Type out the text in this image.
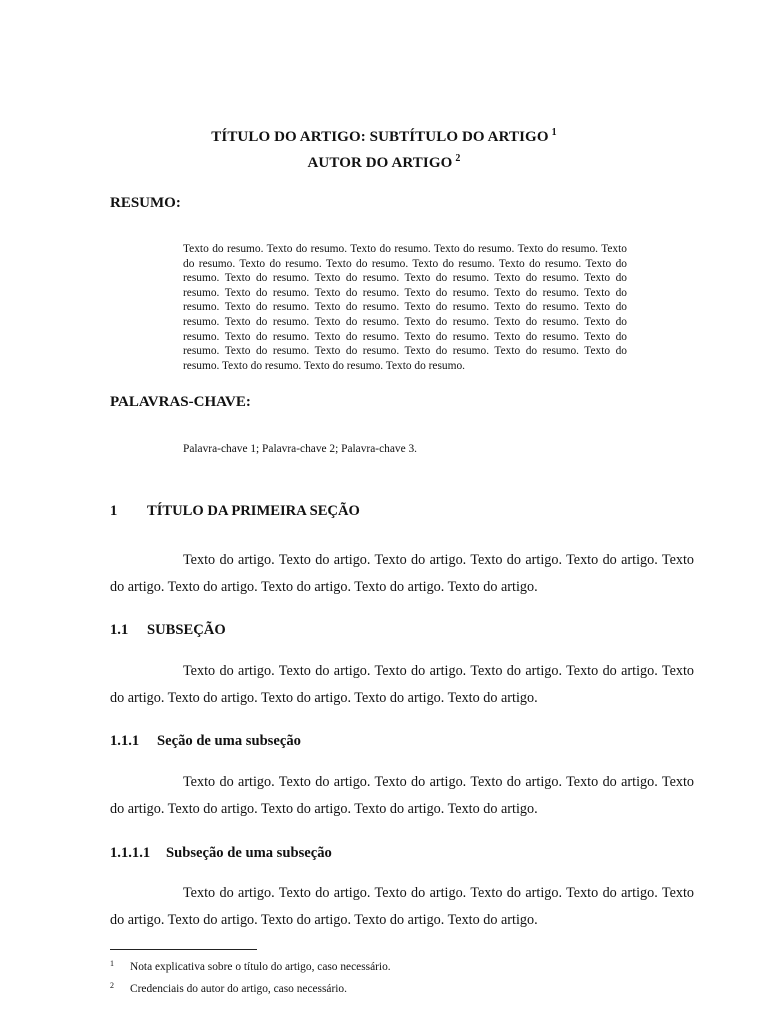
TÍTULO DO ARTIGO: SUBTÍTULO DO ARTIGO $^1$
AUTOR DO ARTIGO $^2$
RESUMO:
Texto do resumo. Texto do resumo. Texto do resumo. Texto do resumo. Texto do resumo. Texto do resumo. Texto do resumo. Texto do resumo. Texto do resumo. Texto do resumo. Texto do resumo. Texto do resumo. Texto do resumo. Texto do resumo. Texto do resumo. Texto do resumo. Texto do resumo. Texto do resumo. Texto do resumo. Texto do resumo. Texto do resumo. Texto do resumo. Texto do resumo. Texto do resumo. Texto do resumo. Texto do resumo. Texto do resumo. Texto do resumo. Texto do resumo. Texto do resumo. Texto do resumo. Texto do resumo. Texto do resumo. Texto do resumo. Texto do resumo. Texto do resumo. Texto do resumo. Texto do resumo. Texto do resumo. Texto do resumo. Texto do resumo. Texto do resumo. Texto do resumo. Texto do resumo.
PALAVRAS-CHAVE:
Palavra-chave 1; Palavra-chave 2; Palavra-chave 3.
1 TÍTULO DA PRIMEIRA SEÇÃO
Texto do artigo. Texto do artigo. Texto do artigo. Texto do artigo. Texto do artigo. Texto do artigo. Texto do artigo. Texto do artigo. Texto do artigo. Texto do artigo.
1.1 SUBSEÇÃO
Texto do artigo. Texto do artigo. Texto do artigo. Texto do artigo. Texto do artigo. Texto do artigo. Texto do artigo. Texto do artigo. Texto do artigo. Texto do artigo.
1.1.1 Seção de uma subseção
Texto do artigo. Texto do artigo. Texto do artigo. Texto do artigo. Texto do artigo. Texto do artigo. Texto do artigo. Texto do artigo. Texto do artigo. Texto do artigo.
1.1.1.1 Subseção de uma subseção
Texto do artigo. Texto do artigo. Texto do artigo. Texto do artigo. Texto do artigo. Texto do artigo. Texto do artigo. Texto do artigo. Texto do artigo. Texto do artigo.
1 Nota explicativa sobre o título do artigo, caso necessário.
2 Credenciais do autor do artigo, caso necessário.
